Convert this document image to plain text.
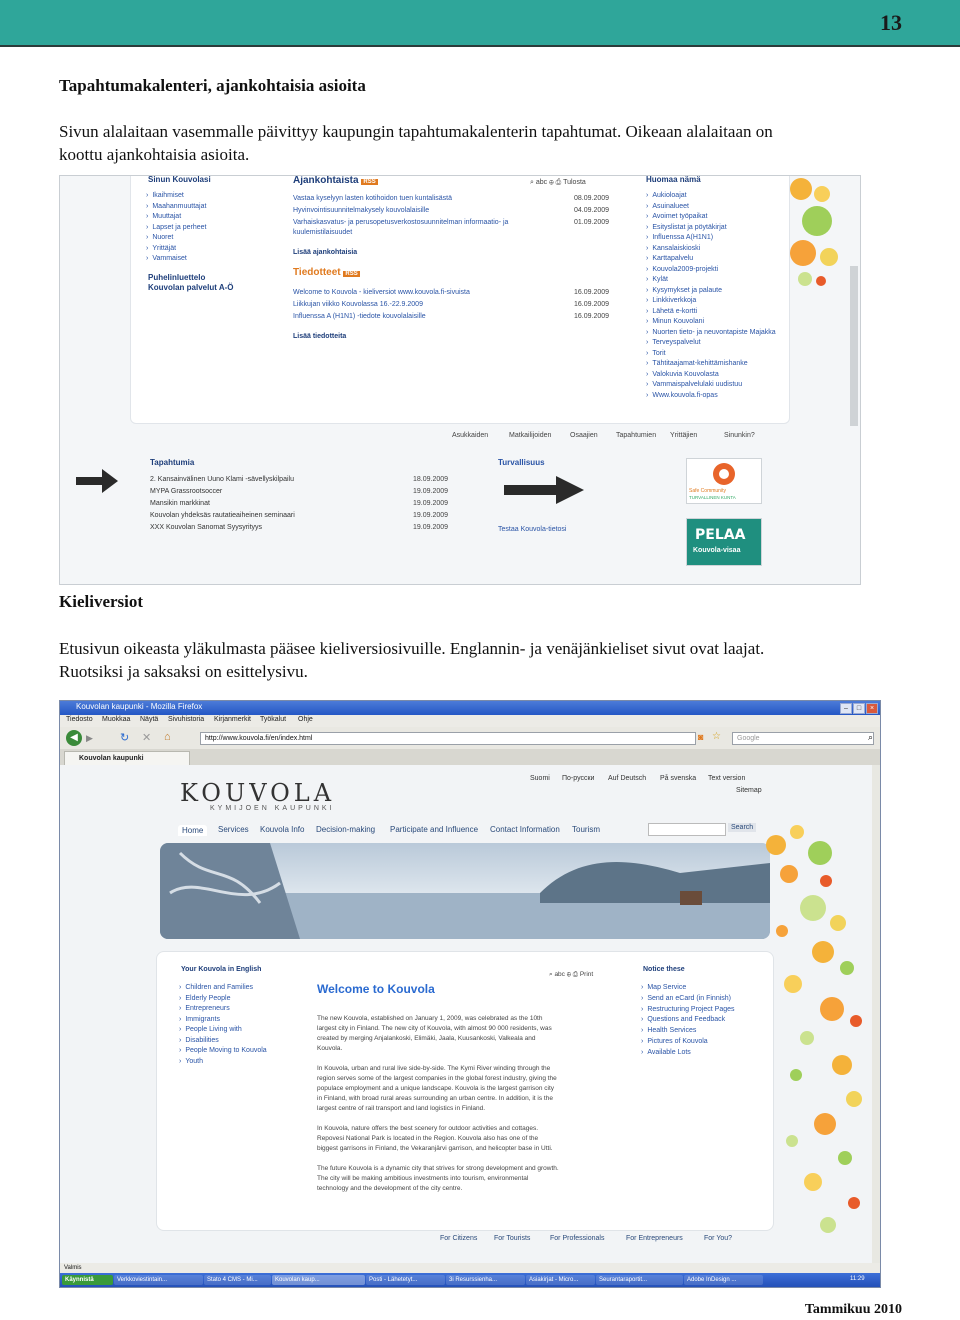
13
Tapahtumakalenteri, ajankohtaisia asioita

Sivun alalaitaan vasemmalle päivittyy kaupungin tapahtumakalenterin tapahtumat. Oikeaan alalaitaan on

koottu ajankohtaisia asioita.

Sinun Kouvolasi
› Ikaihmiset
› Maahanmuuttajat
› Muuttajat
› Lapset ja perheet
› Nuoret
› Yrittäjät
› Vammaiset
Puhelinluettelo
Kouvolan palvelut A-Ö
Ajankohtaista RSS	⌕ abc ⊕ ⎙ Tulosta
Vastaa kyselyyn lasten kotihoidon tuen kuntalisästä	08.09.2009
Hyvinvointisuunnitelmakysely kouvolalaisille	04.09.2009
Varhaiskasvatus- ja perusopetusverkostosuunnitelman informaatio- ja	01.09.2009
kuulemistilaisuudet
Lisää ajankohtaisia
Tiedotteet RSS
Welcome to Kouvola - kieliversiot www.kouvola.fi-sivuista	16.09.2009
Liikkujan viikko Kouvolassa 16.-22.9.2009	16.09.2009
Influenssa A (H1N1) -tiedote kouvolalaisille	16.09.2009
Lisää tiedotteita
Huomaa nämä
Tapahtumia
2. Kansainvälinen Uuno Klami -sävellyskilpailu	18.09.2009
MYPA Grassrootsoccer	19.09.2009
Mansikin markkinat	19.09.2009
Kouvolan yhdeksäs rautatieaiheinen seminaari	19.09.2009
XXX Kouvolan Sanomat Syysyrityys	19.09.2009
Turvallisuus
Testaa Kouvola-tietosi
Safe Community
TURVALLINEN KUNTA
PELAA
Kouvola-visaa
› Aukioloajat
› Asuinalueet
› Avoimet työpaikat
› Esityslistat ja pöytäkirjat
› Influenssa A(H1N1)
› Kansalaiskioski
› Karttapalvelu
› Kouvola2009-projekti
› Kylät
› Kysymykset ja palaute
› Linkkiverkkoja
› Lähetä e-kortti
› Minun Kouvolani
› Nuorten tieto- ja neuvontapiste Majakka
› Terveyspalvelut
› Torit
› Tähtitaajamat-kehittämishanke
› Valokuvia Kouvolasta
› Vammaispalvelulaki uudistuu
› Www.kouvola.fi-opas
Asukkaiden	Matkailijoiden	Osaajien	Tapahtumien Yrittäjien	Sinunkin?
Kieliversiot

Etusivun oikeasta yläkulmasta pääsee kieliversiosivuille. Englannin- ja venäjänkieliset sivut ovat laajat.

Ruotsiksi ja saksaksi on esittelysivu.

Kouvolan kaupunki - Mozilla Firefox	–	□	×
Tiedosto Muokkaa Näytä Sivuhistoria Kirjanmerkit Työkalut Ohje
◀ ▶ ↻ ✕ ⌂	http://www.kouvola.fi/en/index.html	◙ ☆	Google	⌕
Kouvolan kaupunki
KOUVOLA
KYMIJOEN KAUPUNKI
Suomi По-русски Auf Deutsch På svenska Text version
Sitemap
Home	Services Kouvola Info Decision-making Participate and Influence Contact Information Tourism	Search
Your Kouvola in English
Welcome to Kouvola
⌕ abc ⊕ ⎙ Print
Notice these
› Children and Families
› Elderly People
› Entrepreneurs
› Immigrants
› People Living with
› Disabilities
› People Moving to Kouvola
› Youth
The new Kouvola, established on January 1, 2009, was celebrated as the 10th
largest city in Finland. The new city of Kouvola, with almost 90 000 residents, was
created by merging Anjalankoski, Elimäki, Jaala, Kuusankoski, Valkeala and
Kouvola.
In Kouvola, urban and rural live side-by-side. The Kymi River winding through the
region serves some of the largest companies in the global forest industry, giving the
populace employment and a unique landscape. Kouvola is the largest garrison city
in Finland, with broad rural areas surrounding an urban centre. In addition, it is the
largest centre of rail transport and land logistics in Finland.
In Kouvola, nature offers the best scenery for outdoor activities and cottages.
Repovesi National Park is located in the Region. Kouvola also has one of the
biggest garrisons in Finland, the Vekaranjärvi garrison, and helicopter base in Utti.
The future Kouvola is a dynamic city that strives for strong development and growth.
The city will be making ambitious investments into tourism, environmental
technology and the development of the city centre.
› Map Service
› Send an eCard (in Finnish)
› Restructuring Project Pages
› Questions and Feedback
› Health Services
› Pictures of Kouvola
› Available Lots
For Citizens For Tourists	For Professionals	For Entrepreneurs	For You?
Valmis
11:29
Käynnistä	Verkkoviestintain...	Stato 4 CMS - Mi...	Kouvolan kaup...	Posti - Lähetetyt...	3i Resurssienha...	Asiakirjat - Micro...	Seurantaraportit...	Adobe InDesign ...
Tammikuu 2010
